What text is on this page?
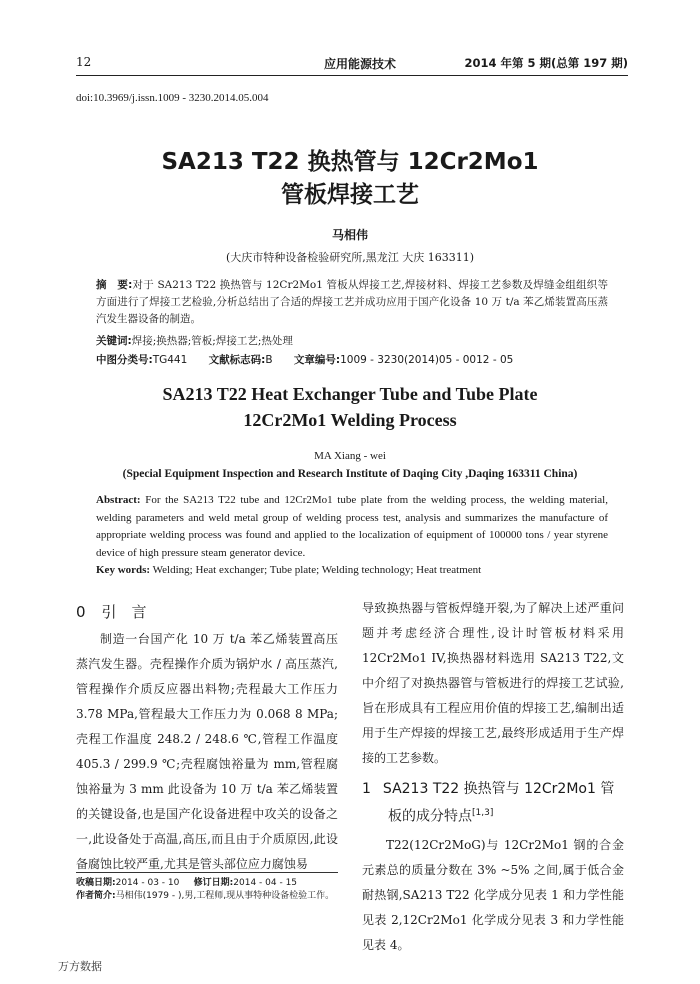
12	应用能源技术	2014 年第 5 期(总第 197 期)
doi:10.3969/j.issn.1009 - 3230.2014.05.004
SA213 T22 换热管与 12Cr2Mo1
管板焊接工艺
马相伟
(大庆市特种设备检验研究所,黑龙江 大庆 163311)
摘　要:对于 SA213 T22 换热管与 12Cr2Mo1 管板从焊接工艺,焊接材料、焊接工艺参数及焊缝金组组织等方面进行了焊接工艺检验,分析总结出了合适的焊接工艺并成功应用于国产化设备 10 万 t/a 苯乙烯装置高压蒸汽发生器设备的制造。
关键词:焊接;换热器;管板;焊接工艺;热处理
中图分类号:TG441 文献标志码:B 文章编号:1009 - 3230(2014)05 - 0012 - 05
SA213 T22 Heat Exchanger Tube and Tube Plate
12Cr2Mo1 Welding Process
MA Xiang - wei
(Special Equipment Inspection and Research Institute of Daqing City ,Daqing 163311 China)
Abstract: For the SA213 T22 tube and 12Cr2Mo1 tube plate from the welding process, the welding material, welding parameters and weld metal group of welding process test, analysis and summarizes the manufacture of appropriate welding process was found and applied to the localization of equipment of 100000 tons / year styrene device of high pressure steam generator device.
Key words: Welding; Heat exchanger; Tube plate; Welding technology; Heat treatment
0 引　言

制造一台国产化 10 万 t/a 苯乙烯装置高压蒸汽发生器。壳程操作介质为锅炉水 / 高压蒸汽,管程操作介质反应器出料物;壳程最大工作压力 3.78 MPa,管程最大工作压力为 0.068 8 MPa;壳程工作温度 248.2 / 248.6 ℃,管程工作温度 405.3 / 299.9 ℃;壳程腐蚀裕量为 mm,管程腐蚀裕量为 3 mm 此设备为 10 万 t/a 苯乙烯装置的关键设备,也是国产化设备进程中攻关的设备之一,此设备处于高温,高压,而且由于介质原因,此设备腐蚀比较严重,尤其是管头部位应力腐蚀易

导致换热器与管板焊缝开裂,为了解决上述严重问题并考虑经济合理性,设计时管板材料采用 12Cr2Mo1 IV,换热器材料选用 SA213 T22,文中介绍了对换热器管与管板进行的焊接工艺试验,旨在形成具有工程应用价值的焊接工艺,编制出适用于生产焊接的焊接工艺,最终形成适用于生产焊接的工艺参数。

1 SA213 T22 换热管与 12Cr2Mo1 管
板的成分特点[1,3]

T22(12Cr2MoG)与 12Cr2Mo1 钢的合金元素总的质量分数在 3% ~5% 之间,属于低合金耐热钢,SA213 T22 化学成分见表 1 和力学性能见表 2,12Cr2Mo1 化学成分见表 3 和力学性能见表 4。

收稿日期:2014 - 03 - 10 修订日期:2014 - 04 - 15
作者简介:马相伟(1979 - ),男,工程师,现从事特种设备检验工作。
万方数据
